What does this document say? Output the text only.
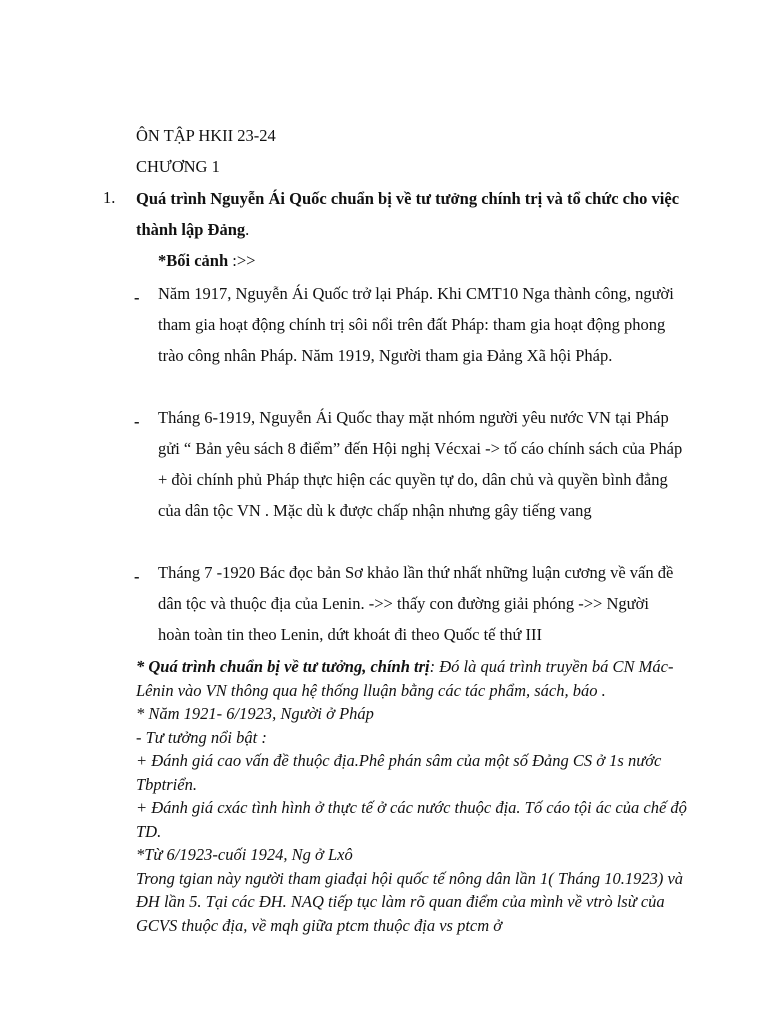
ÔN TẬP HKII 23-24
CHƯƠNG 1
1. Quá trình Nguyễn Ái Quốc chuẩn bị về tư tưởng chính trị và tổ chức cho việc thành lập Đảng.
*Bối cảnh :>>
- Năm 1917, Nguyễn Ái Quốc trở lại Pháp. Khi CMT10 Nga thành công, người tham gia hoạt động chính trị sôi nổi trên đất Pháp: tham gia hoạt động phong trào công nhân Pháp. Năm 1919, Người tham gia Đảng Xã hội Pháp.
- Tháng 6-1919, Nguyễn Ái Quốc thay mặt nhóm người yêu nước VN tại Pháp gửi “ Bản yêu sách 8 điểm” đến Hội nghị Vécxai -> tố cáo chính sách của Pháp + đòi chính phủ Pháp thực hiện các quyền tự do, dân chủ và quyền bình đẳng của dân tộc VN . Mặc dù k được chấp nhận nhưng gây tiếng vang
- Tháng 7 -1920 Bác đọc bản Sơ khảo lần thứ nhất những luận cương về vấn đề dân tộc và thuộc địa của Lenin. ->> thấy con đường giải phóng ->> Người hoàn toàn tin theo Lenin, dứt khoát đi theo Quốc tế thứ III

* Quá trình chuẩn bị về tư tưởng, chính trị: Đó là quá trình truyền bá CN Mác-Lênin vào VN thông qua hệ thống lluận bằng các tác phẩm, sách, báo .

* Năm 1921- 6/1923, Người ở Pháp

- Tư tưởng nổi bật :

+ Đánh giá cao vấn đề thuộc địa.Phê phán sâm của một số Đảng CS ở 1s nước Tbptriển.

+ Đánh giá cxác tình hình ở thực tế ở các nước thuộc địa. Tố cáo tội ác của chế độ TD.

*Từ 6/1923-cuối 1924, Ng ở Lxô

Trong tgian này người tham giađại hội quốc tế nông dân lần 1( Tháng 10.1923) và ĐH lần 5. Tại các ĐH. NAQ tiếp tục làm rõ quan điểm của mình về vtrò lsừ của GCVS thuộc địa, về mqh giữa ptcm thuộc địa vs ptcm ở
